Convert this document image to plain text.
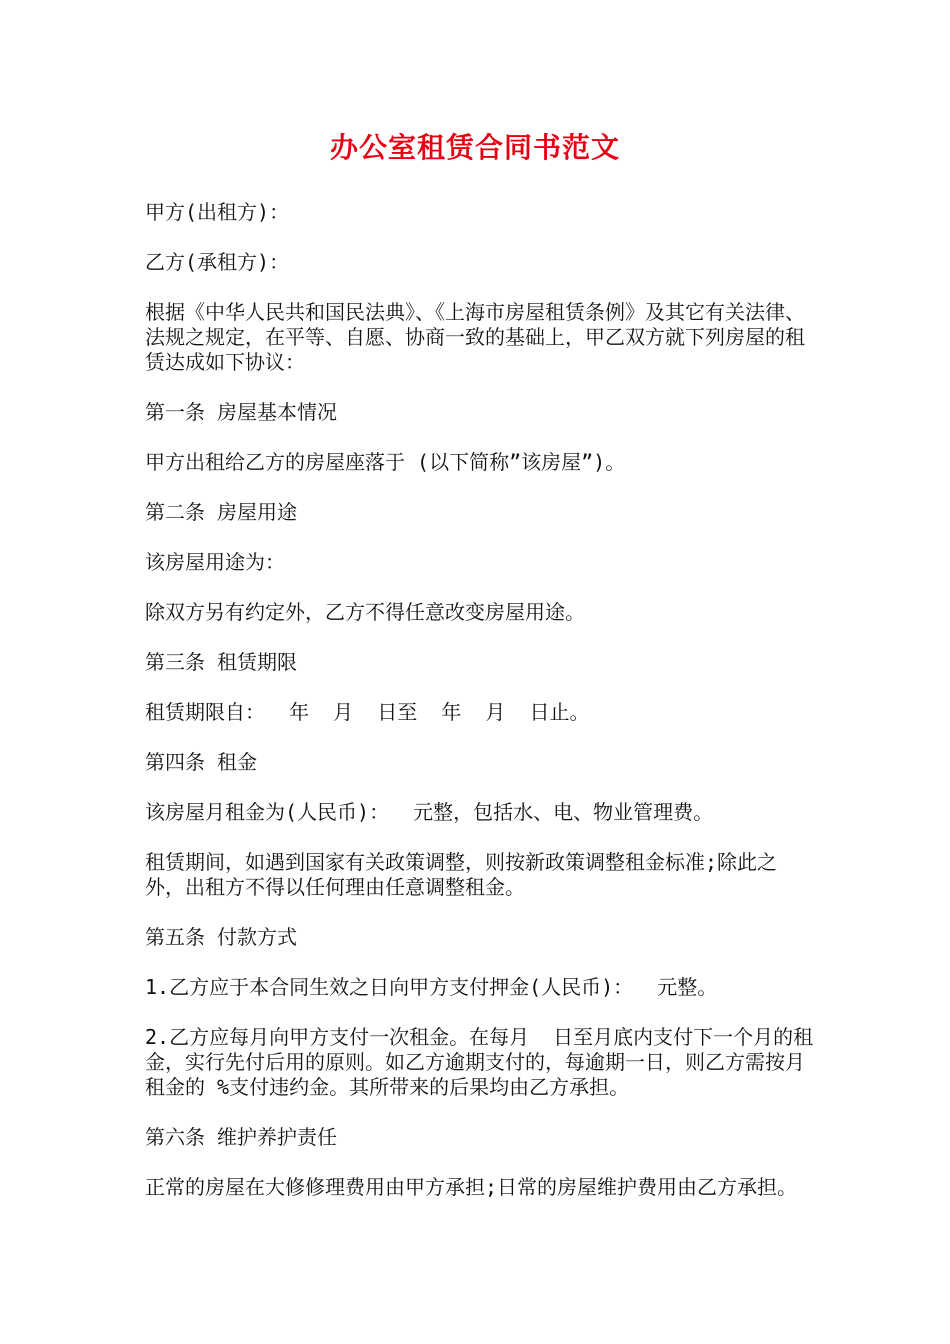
办公室租赁合同书范文

甲方(出租方)：

乙方(承租方)：

根据《中华人民共和国民法典》、《上海市房屋租赁条例》及其它有关法律、法规之规定，在平等、自愿、协商一致的基础上，甲乙双方就下列房屋的租赁达成如下协议：

第一条 房屋基本情况

甲方出租给乙方的房屋座落于 (以下简称”该房屋”)。

第二条 房屋用途

该房屋用途为：

除双方另有约定外，乙方不得任意改变房屋用途。

第三条 租赁期限

租赁期限自：  年  月  日至  年  月  日止。

第四条 租金

该房屋月租金为(人民币)：  元整，包括水、电、物业管理费。

租赁期间，如遇到国家有关政策调整，则按新政策调整租金标准;除此之外，出租方不得以任何理由任意调整租金。

第五条 付款方式

1.乙方应于本合同生效之日向甲方支付押金(人民币)：  元整。

2.乙方应每月向甲方支付一次租金。在每月  日至月底内支付下一个月的租金，实行先付后用的原则。如乙方逾期支付的，每逾期一日，则乙方需按月租金的 %支付违约金。其所带来的后果均由乙方承担。

第六条 维护养护责任

正常的房屋在大修修理费用由甲方承担;日常的房屋维护费用由乙方承担。
